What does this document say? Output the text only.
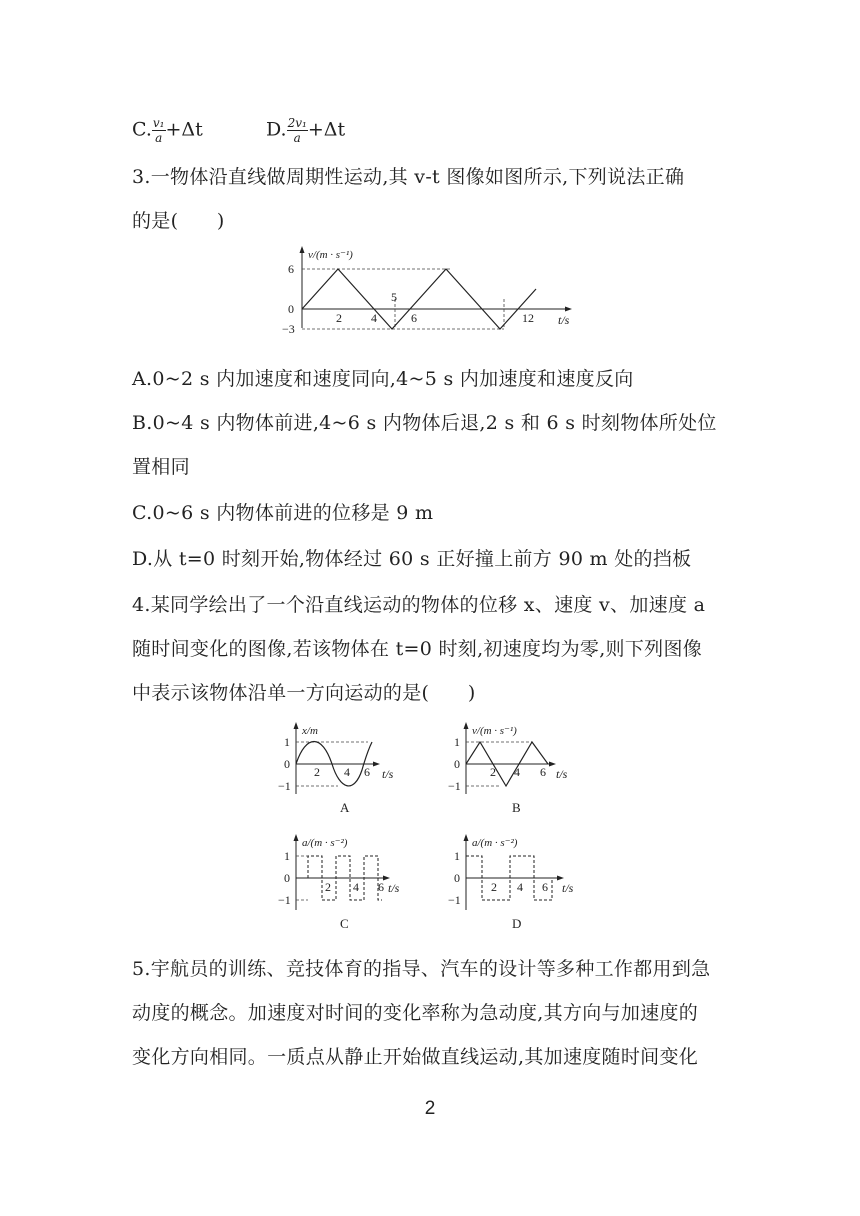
C. $\frac{\text{v₁}}{a} +\Delta t$	D. $\frac{\text{2v₁}}{a} +\Delta t$
3.一物体沿直线做周期性运动,其 v-t 图像如图所示,下列说法正确
的是(　　)
v/(m · s⁻¹)
t/s
6
0
−3
2 4
5
6	12
A.0~2 s 内加速度和速度同向,4~5 s 内加速度和速度反向
B.0~4 s 内物体前进,4~6 s 内物体后退,2 s 和 6 s 时刻物体所处位
置相同
C.0~6 s 内物体前进的位移是 9 m
D.从 t=0 时刻开始,物体经过 60 s 正好撞上前方 90 m 处的挡板
4.某同学绘出了一个沿直线运动的物体的位移 x、速度 v、加速度 a
随时间变化的图像,若该物体在 t=0 时刻,初速度均为零,则下列图像
中表示该物体沿单一方向运动的是(　　)
x/m
t/s
1
0
−1
2 4 6
A
v/(m · s⁻¹)
t/s
1
0
−1
2 4 6
B
a/(m · s⁻²)
t/s
1
0
−1
2 4 6
C
a/(m · s⁻²)
t/s
1
0
−1
2 4 6
D
5.宇航员的训练、竞技体育的指导、汽车的设计等多种工作都用到急
动度的概念。加速度对时间的变化率称为急动度,其方向与加速度的
变化方向相同。一质点从静止开始做直线运动,其加速度随时间变化
2
